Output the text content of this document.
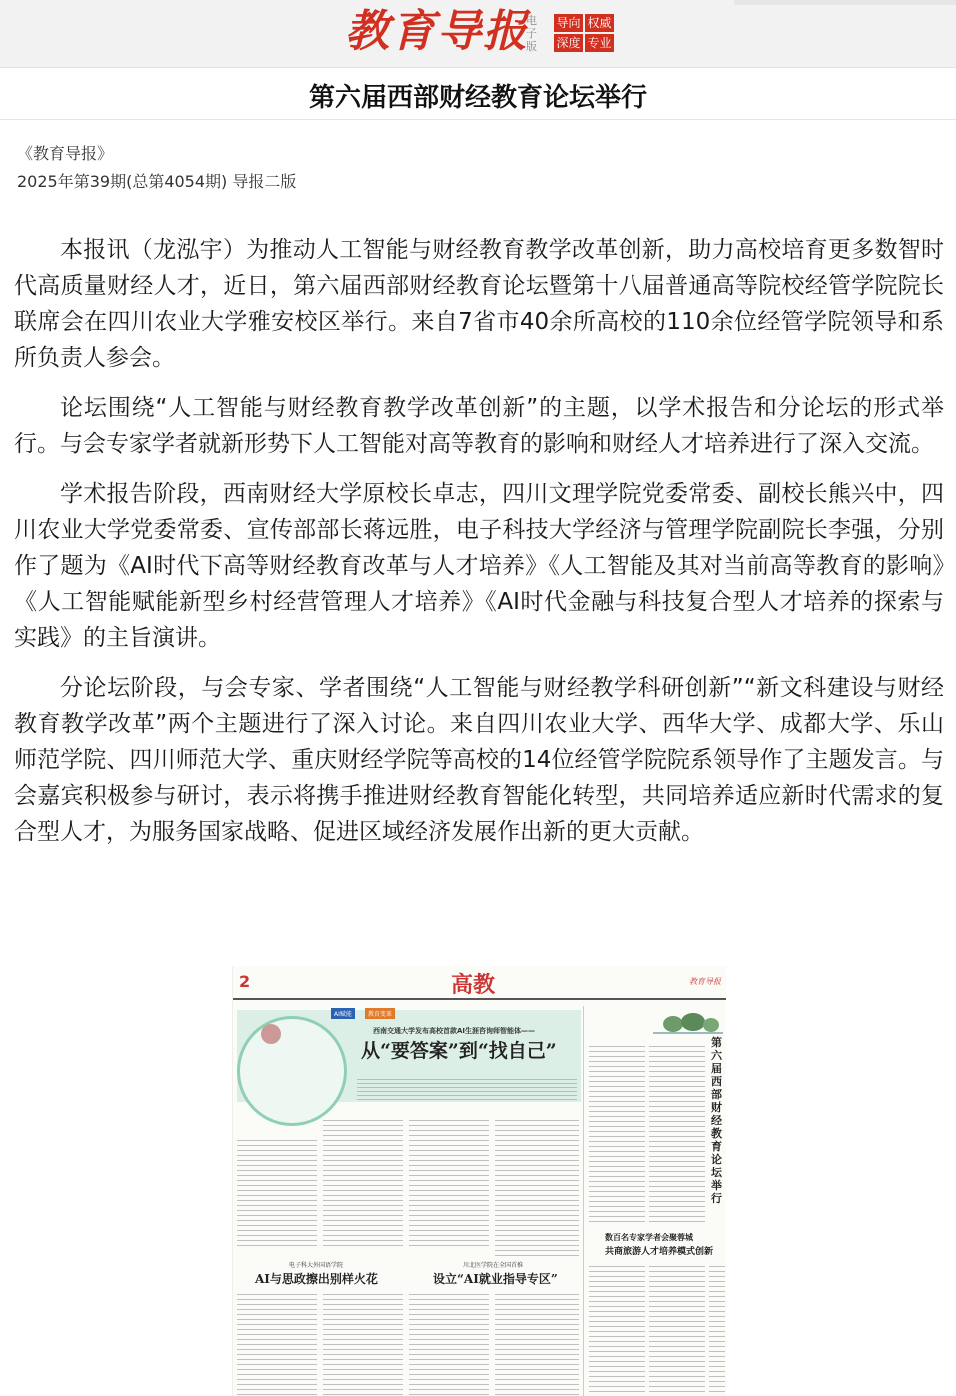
教育导报
电子版
导向 权威
深度 专业
第六届西部财经教育论坛举行
《教育导报》
2025年第39期(总第4054期) 导报二版

本报讯（龙泓宇）为推动人工智能与财经教育教学改革创新，助力高校培育更多数智时代高质量财经人才，近日，第六届西部财经教育论坛暨第十八届普通高等院校经管学院院长联席会在四川农业大学雅安校区举行。来自7省市40余所高校的110余位经管学院领导和系所负责人参会。

论坛围绕“人工智能与财经教育教学改革创新”的主题，以学术报告和分论坛的形式举行。与会专家学者就新形势下人工智能对高等教育的影响和财经人才培养进行了深入交流。

学术报告阶段，西南财经大学原校长卓志，四川文理学院党委常委、副校长熊兴中，四川农业大学党委常委、宣传部部长蒋远胜，电子科技大学经济与管理学院副院长李强，分别作了题为《AI时代下高等财经教育改革与人才培养》《人工智能及其对当前高等教育的影响》《人工智能赋能新型乡村经营管理人才培养》《AI时代金融与科技复合型人才培养的探索与实践》的主旨演讲。

分论坛阶段，与会专家、学者围绕“人工智能与财经教学科研创新”“新文科建设与财经教育教学改革”两个主题进行了深入讨论。来自四川农业大学、西华大学、成都大学、乐山师范学院、四川师范大学、重庆财经学院等高校的14位经管学院院系领导作了主题发言。与会嘉宾积极参与研讨，表示将携手推进财经教育智能化转型，共同培养适应新时代需求的复合型人才，为服务国家战略、促进区域经济发展作出新的更大贡献。

2	高教	教育导报
AI赋能	教育变革
西南交通大学发布高校首款AI生涯咨询师智能体——
从“要答案”到“找自己”
电子科大外国语学院
AI与思政擦出别样火花
川北医学院在全国首推
设立“AI就业指导专区”
第六届西部财经教育论坛举行
数百名专家学者会聚蓉城
共商旅游人才培养模式创新
